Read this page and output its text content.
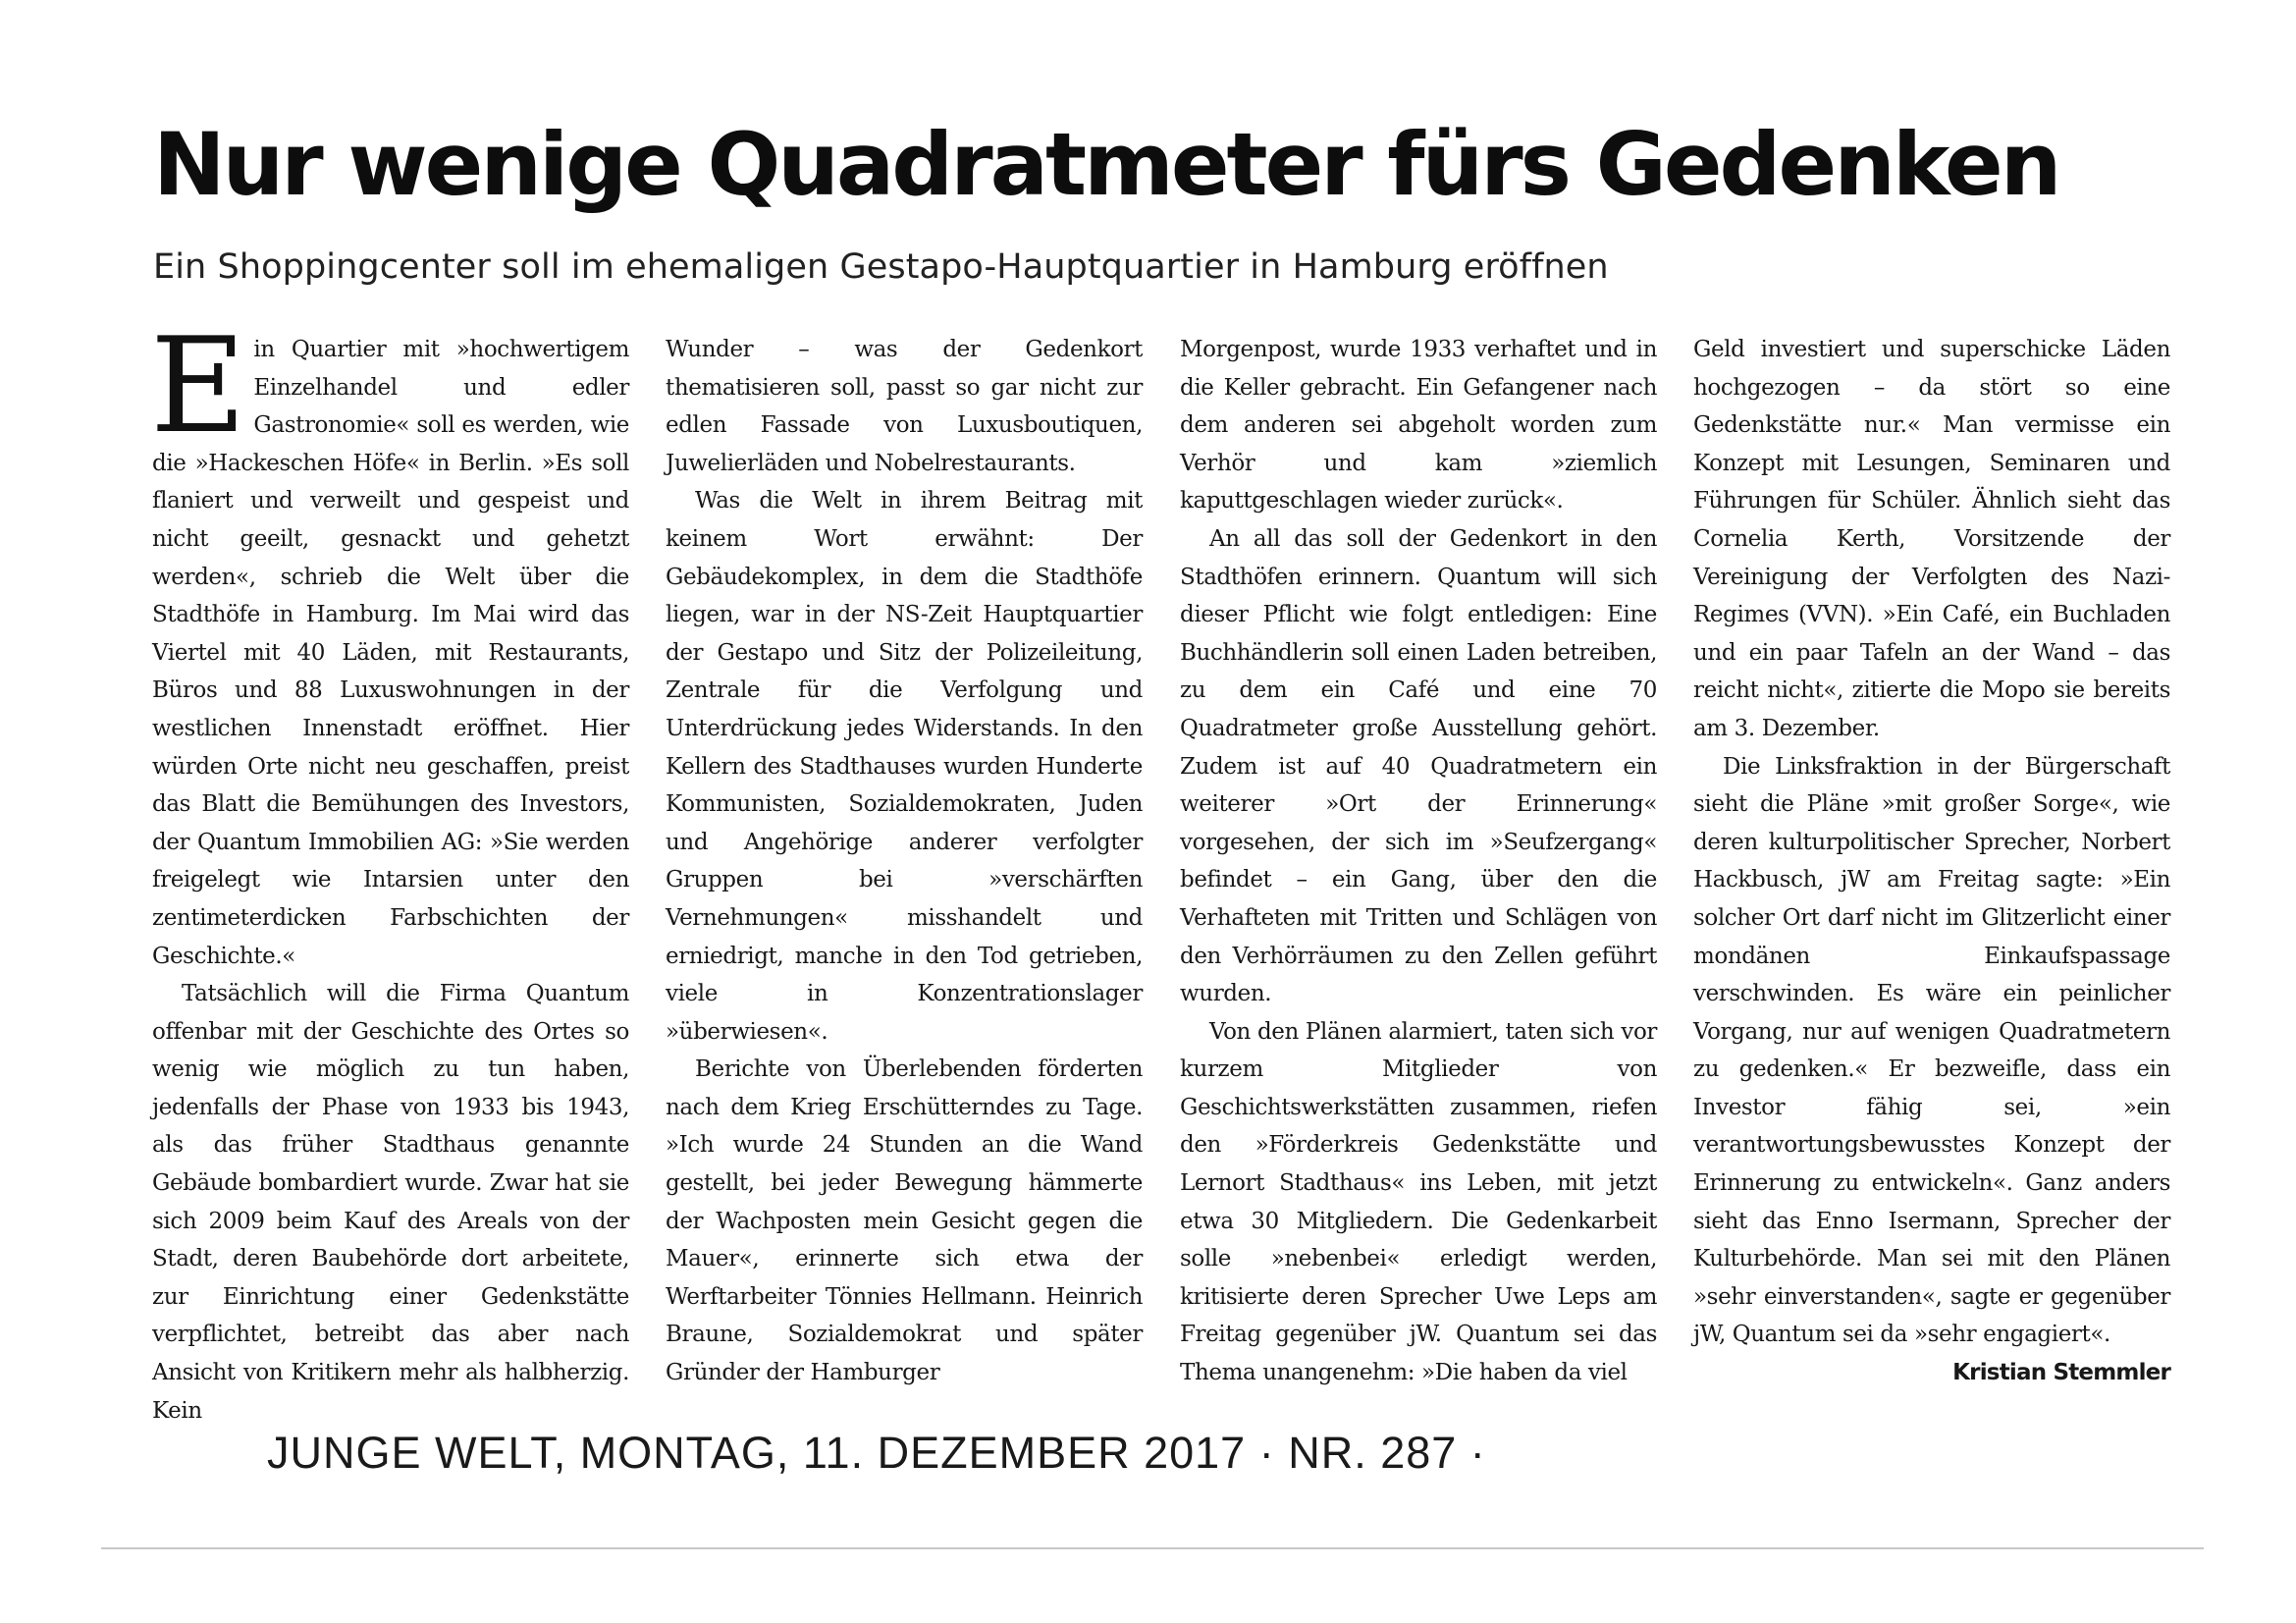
Nur wenige Quadratmeter fürs Gedenken
Ein Shoppingcenter soll im ehemaligen Gestapo-Hauptquartier in Hamburg eröffnen

Ein Quartier mit »hochwertigem Einzelhandel und edler Gastronomie« soll es werden, wie die »Hackeschen Höfe« in Berlin. »Es soll flaniert und verweilt und gespeist und nicht geeilt, gesnackt und gehetzt werden«, schrieb die Welt über die Stadthöfe in Hamburg. Im Mai wird das Viertel mit 40 Läden, mit Restaurants, Büros und 88 Luxuswohnungen in der westlichen Innenstadt eröffnet. Hier würden Orte nicht neu geschaffen, preist das Blatt die Bemühungen des Investors, der Quantum Immobilien AG: »Sie werden freigelegt wie Intarsien unter den zentimeterdicken Farbschichten der Geschichte.«

Tatsächlich will die Firma Quantum offenbar mit der Geschichte des Ortes so wenig wie möglich zu tun haben, jedenfalls der Phase von 1933 bis 1943, als das früher Stadthaus genannte Gebäude bombardiert wurde. Zwar hat sie sich 2009 beim Kauf des Areals von der Stadt, deren Baubehörde dort arbeitete, zur Einrichtung einer Gedenkstätte verpflichtet, betreibt das aber nach Ansicht von Kritikern mehr als halbherzig. Kein

Wunder – was der Gedenkort thematisieren soll, passt so gar nicht zur edlen Fassade von Luxusboutiquen, Juwelierläden und Nobelrestaurants.

Was die Welt in ihrem Beitrag mit keinem Wort erwähnt: Der Gebäudekomplex, in dem die Stadthöfe liegen, war in der NS-Zeit Hauptquartier der Gestapo und Sitz der Polizeileitung, Zentrale für die Verfolgung und Unterdrückung jedes Widerstands. In den Kellern des Stadthauses wurden Hunderte Kommunisten, Sozialdemokraten, Juden und Angehörige anderer verfolgter Gruppen bei »verschärften Vernehmungen« misshandelt und erniedrigt, manche in den Tod getrieben, viele in Konzentrationslager »überwiesen«.

Berichte von Überlebenden förderten nach dem Krieg Erschütterndes zu Tage. »Ich wurde 24 Stunden an die Wand gestellt, bei jeder Bewegung hämmerte der Wachposten mein Gesicht gegen die Mauer«, erinnerte sich etwa der Werftarbeiter Tönnies Hellmann. Heinrich Braune, Sozialdemokrat und später Gründer der Hamburger

Morgenpost, wurde 1933 verhaftet und in die Keller gebracht. Ein Gefangener nach dem anderen sei abgeholt worden zum Verhör und kam »ziemlich kaputtgeschlagen wieder zurück«.

An all das soll der Gedenkort in den Stadthöfen erinnern. Quantum will sich dieser Pflicht wie folgt entledigen: Eine Buchhändlerin soll einen Laden betreiben, zu dem ein Café und eine 70 Quadratmeter große Ausstellung gehört. Zudem ist auf 40 Quadratmetern ein weiterer »Ort der Erinnerung« vorgesehen, der sich im »Seufzergang« befindet – ein Gang, über den die Verhafteten mit Tritten und Schlägen von den Verhörräumen zu den Zellen geführt wurden.

Von den Plänen alarmiert, taten sich vor kurzem Mitglieder von Geschichtswerkstätten zusammen, riefen den »Förderkreis Gedenkstätte und Lernort Stadthaus« ins Leben, mit jetzt etwa 30 Mitgliedern. Die Gedenkarbeit solle »nebenbei« erledigt werden, kritisierte deren Sprecher Uwe Leps am Freitag gegenüber jW. Quantum sei das Thema unangenehm: »Die haben da viel

Geld investiert und superschicke Läden hochgezogen – da stört so eine Gedenkstätte nur.« Man vermisse ein Konzept mit Lesungen, Seminaren und Führungen für Schüler. Ähnlich sieht das Cornelia Kerth, Vorsitzende der Vereinigung der Verfolgten des Nazi-Regimes (VVN). »Ein Café, ein Buchladen und ein paar Tafeln an der Wand – das reicht nicht«, zitierte die Mopo sie bereits am 3. Dezember.

Die Linksfraktion in der Bürgerschaft sieht die Pläne »mit großer Sorge«, wie deren kulturpolitischer Sprecher, Norbert Hackbusch, jW am Freitag sagte: »Ein solcher Ort darf nicht im Glitzerlicht einer mondänen Einkaufspassage verschwinden. Es wäre ein peinlicher Vorgang, nur auf wenigen Quadratmetern zu gedenken.« Er bezweifle, dass ein Investor fähig sei, »ein verantwortungsbewusstes Konzept der Erinnerung zu entwickeln«. Ganz anders sieht das Enno Isermann, Sprecher der Kulturbehörde. Man sei mit den Plänen »sehr einverstanden«, sagte er gegenüber jW, Quantum sei da »sehr engagiert«.
Kristian Stemmler

JUNGE WELT, MONTAG, 11. DEZEMBER 2017 · NR. 287 ·
